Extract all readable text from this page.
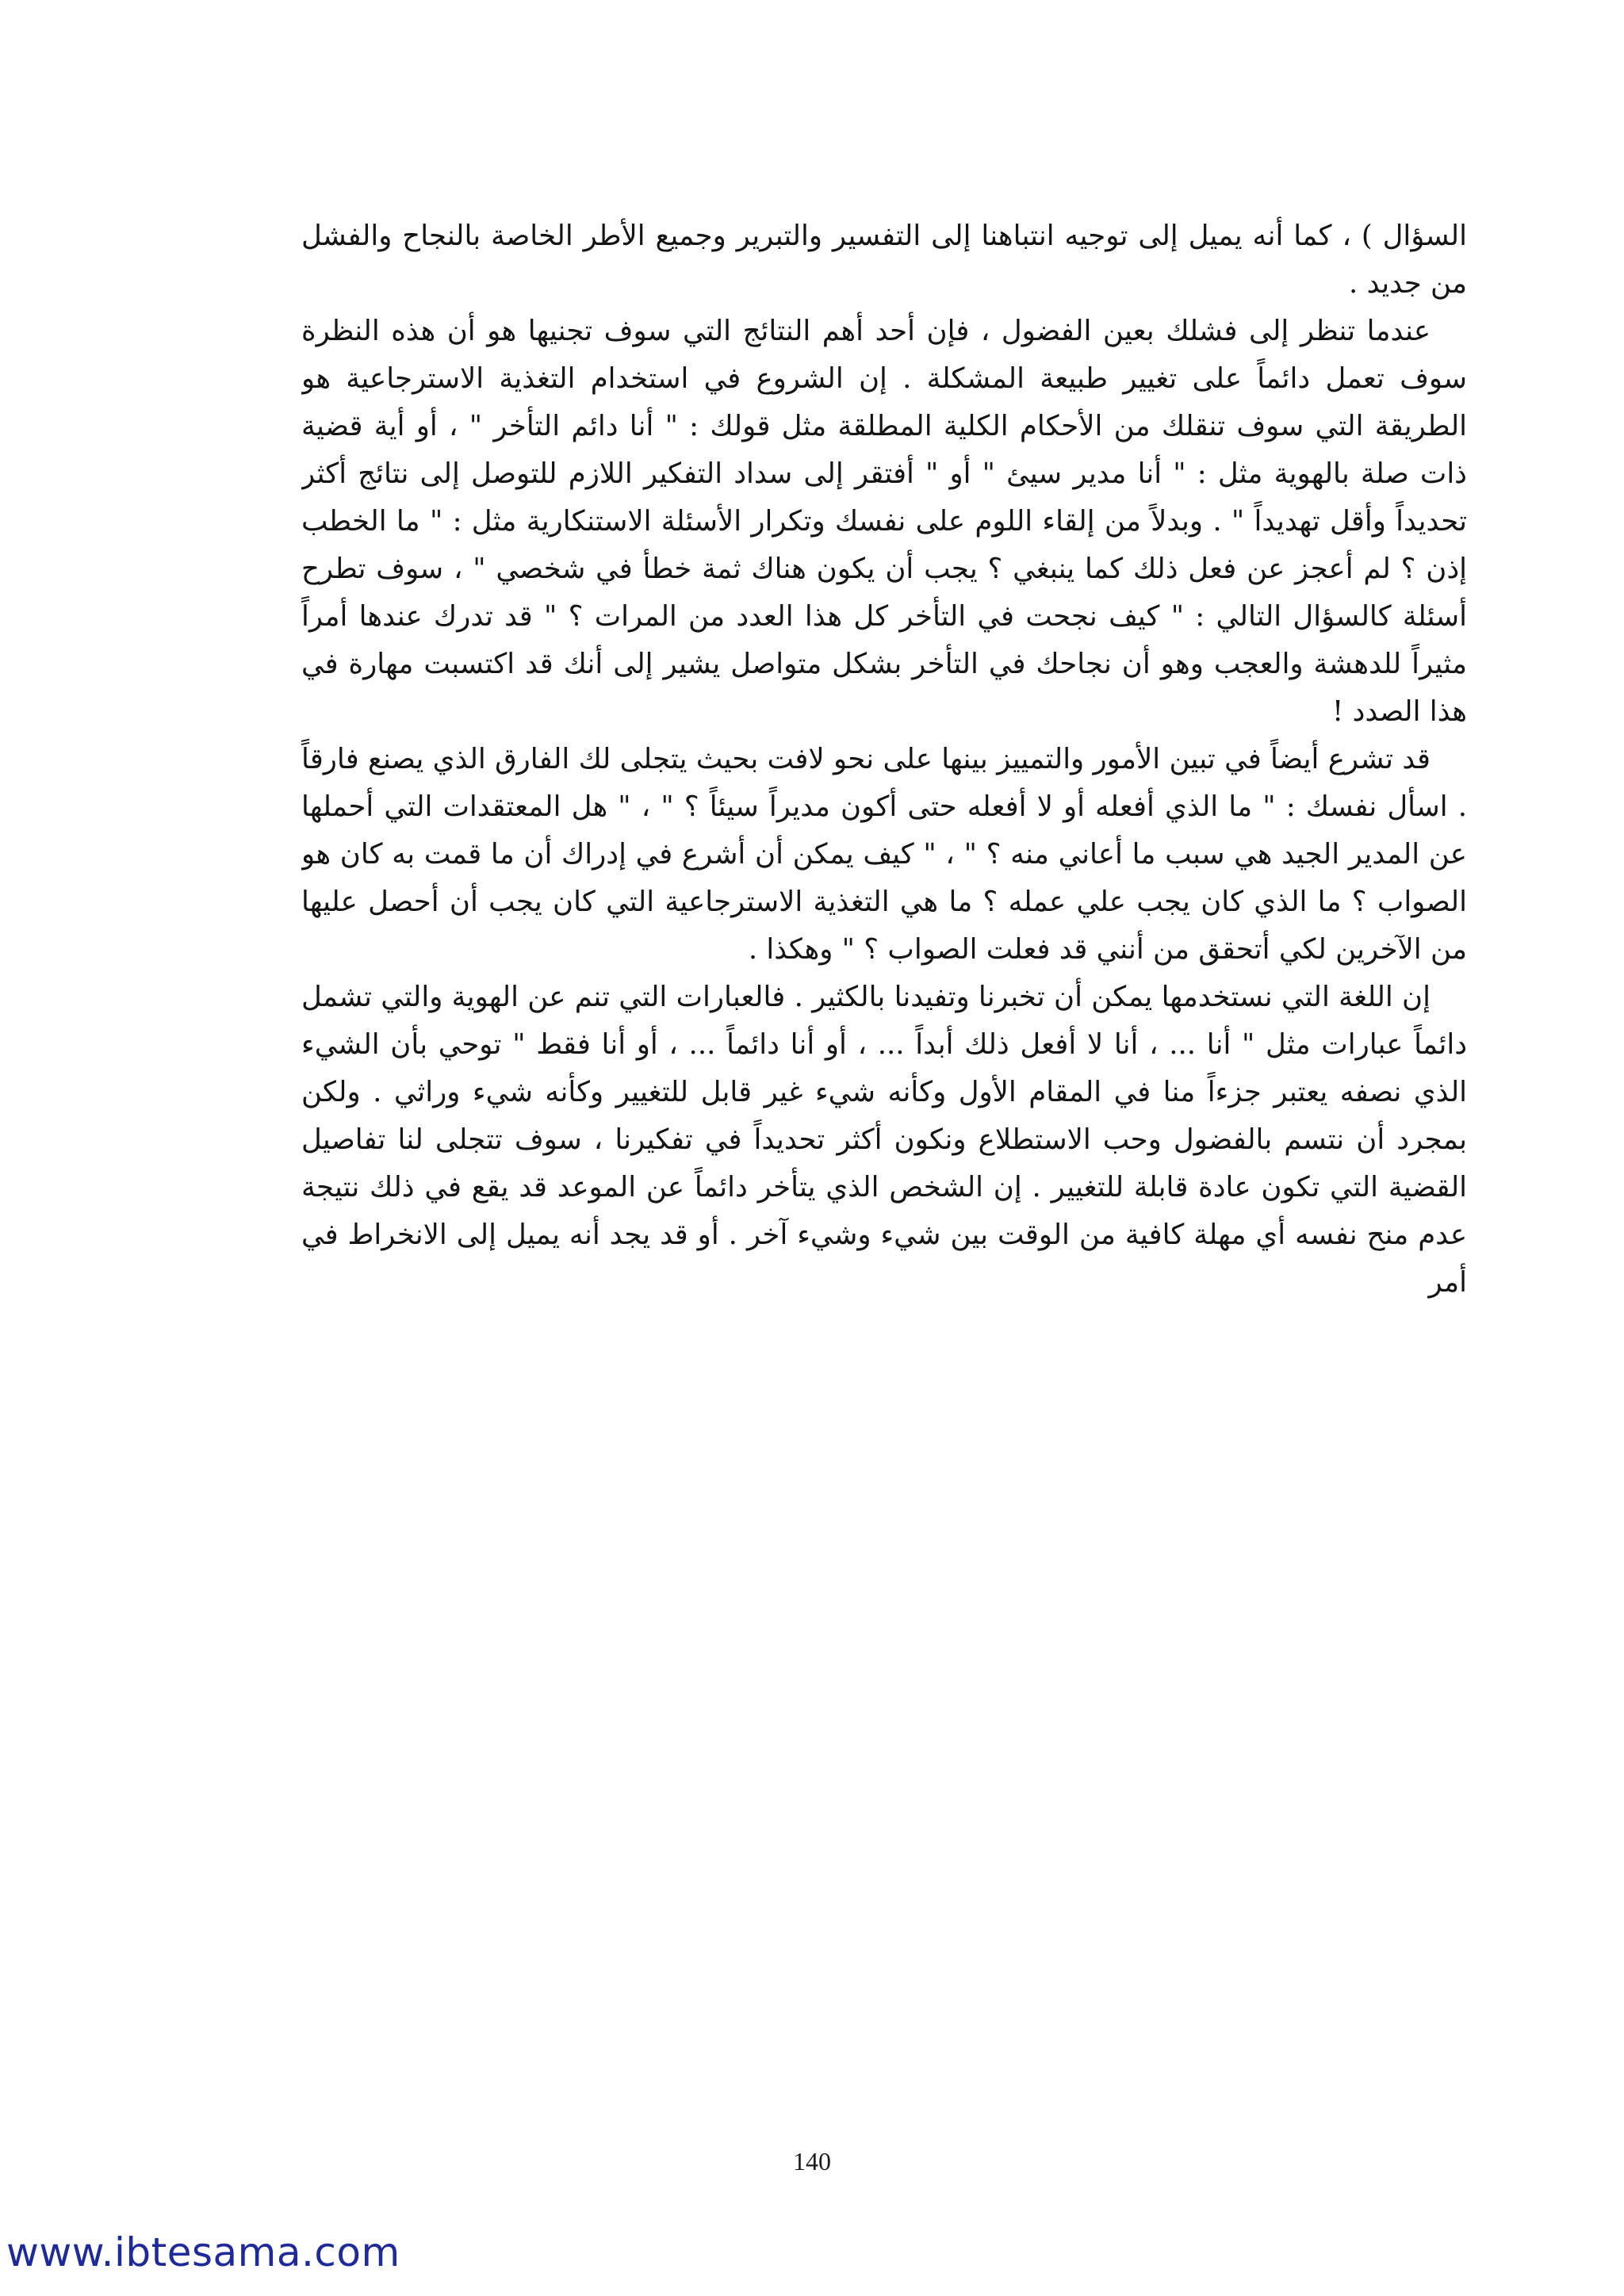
السؤال ) ، كما أنه يميل إلى توجيه انتباهنا إلى التفسير والتبرير وجميع الأطر الخاصة بالنجاح والفشل من جديد .

عندما تنظر إلى فشلك بعين الفضول ، فإن أحد أهم النتائج التي سوف تجنيها هو أن هذه النظرة سوف تعمل دائماً على تغيير طبيعة المشكلة . إن الشروع في استخدام التغذية الاسترجاعية هو الطريقة التي سوف تنقلك من الأحكام الكلية المطلقة مثل قولك : " أنا دائم التأخر " ، أو أية قضية ذات صلة بالهوية مثل : " أنا مدير سيئ " أو " أفتقر إلى سداد التفكير اللازم للتوصل إلى نتائج أكثر تحديداً وأقل تهديداً " . وبدلاً من إلقاء اللوم على نفسك وتكرار الأسئلة الاستنكارية مثل : " ما الخطب إذن ؟ لم أعجز عن فعل ذلك كما ينبغي ؟ يجب أن يكون هناك ثمة خطأ في شخصي " ، سوف تطرح أسئلة كالسؤال التالي : " كيف نجحت في التأخر كل هذا العدد من المرات ؟ " قد تدرك عندها أمراً مثيراً للدهشة والعجب وهو أن نجاحك في التأخر بشكل متواصل يشير إلى أنك قد اكتسبت مهارة في هذا الصدد !

قد تشرع أيضاً في تبين الأمور والتمييز بينها على نحو لافت بحيث يتجلى لك الفارق الذي يصنع فارقاً . اسأل نفسك : " ما الذي أفعله أو لا أفعله حتى أكون مديراً سيئاً ؟ " ، " هل المعتقدات التي أحملها عن المدير الجيد هي سبب ما أعاني منه ؟ " ، " كيف يمكن أن أشرع في إدراك أن ما قمت به كان هو الصواب ؟ ما الذي كان يجب علي عمله ؟ ما هي التغذية الاسترجاعية التي كان يجب أن أحصل عليها من الآخرين لكي أتحقق من أنني قد فعلت الصواب ؟ " وهكذا .

إن اللغة التي نستخدمها يمكن أن تخبرنا وتفيدنا بالكثير . فالعبارات التي تنم عن الهوية والتي تشمل دائماً عبارات مثل " أنا ... ، أنا لا أفعل ذلك أبداً ... ، أو أنا دائماً ... ، أو أنا فقط " توحي بأن الشيء الذي نصفه يعتبر جزءاً منا في المقام الأول وكأنه شيء غير قابل للتغيير وكأنه شيء وراثي . ولكن بمجرد أن نتسم بالفضول وحب الاستطلاع ونكون أكثر تحديداً في تفكيرنا ، سوف تتجلى لنا تفاصيل القضية التي تكون عادة قابلة للتغيير . إن الشخص الذي يتأخر دائماً عن الموعد قد يقع في ذلك نتيجة عدم منح نفسه أي مهلة كافية من الوقت بين شيء وشيء آخر . أو قد يجد أنه يميل إلى الانخراط في أمر

140
www.ibtesama.com
